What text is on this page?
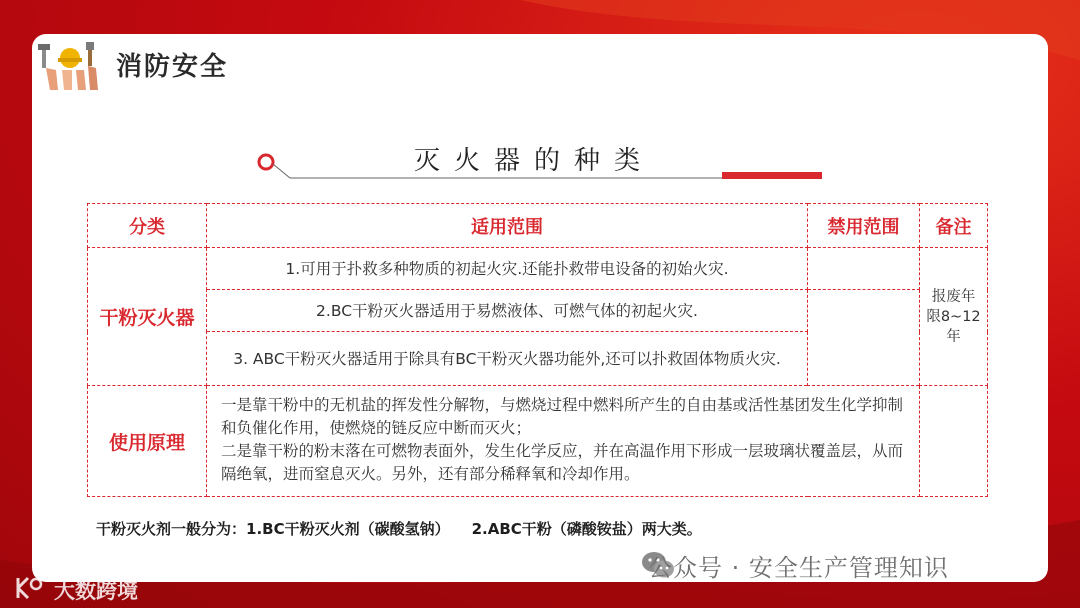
消防安全
灭火器的种类
分类	适用范围	禁用范围	备注
干粉灭火器	1.可用于扑救多种物质的初起火灾.还能扑救带电设备的初始火灾.		报废年限8~12年
	2.BC干粉灭火器适用于易燃液体、可燃气体的初起火灾.		
	3. ABC干粉灭火器适用于除具有BC干粉灭火器功能外,还可以扑救固体物质火灾.		
使用原理	一是靠干粉中的无机盐的挥发性分解物，与燃烧过程中燃料所产生的自由基或活性基团发生化学抑制和负催化作用，使燃烧的链反应中断而灭火；
二是靠干粉的粉末落在可燃物表面外，发生化学反应，并在高温作用下形成一层玻璃状覆盖层，从而隔绝氧，进而窒息灭火。另外，还有部分稀释氧和冷却作用。		

干粉灭火剂一般分为：1.BC干粉灭火剂（碳酸氢钠） 2.ABC干粉（磷酸铵盐）两大类。
公众号 · 安全生产管理知识
大数跨境
